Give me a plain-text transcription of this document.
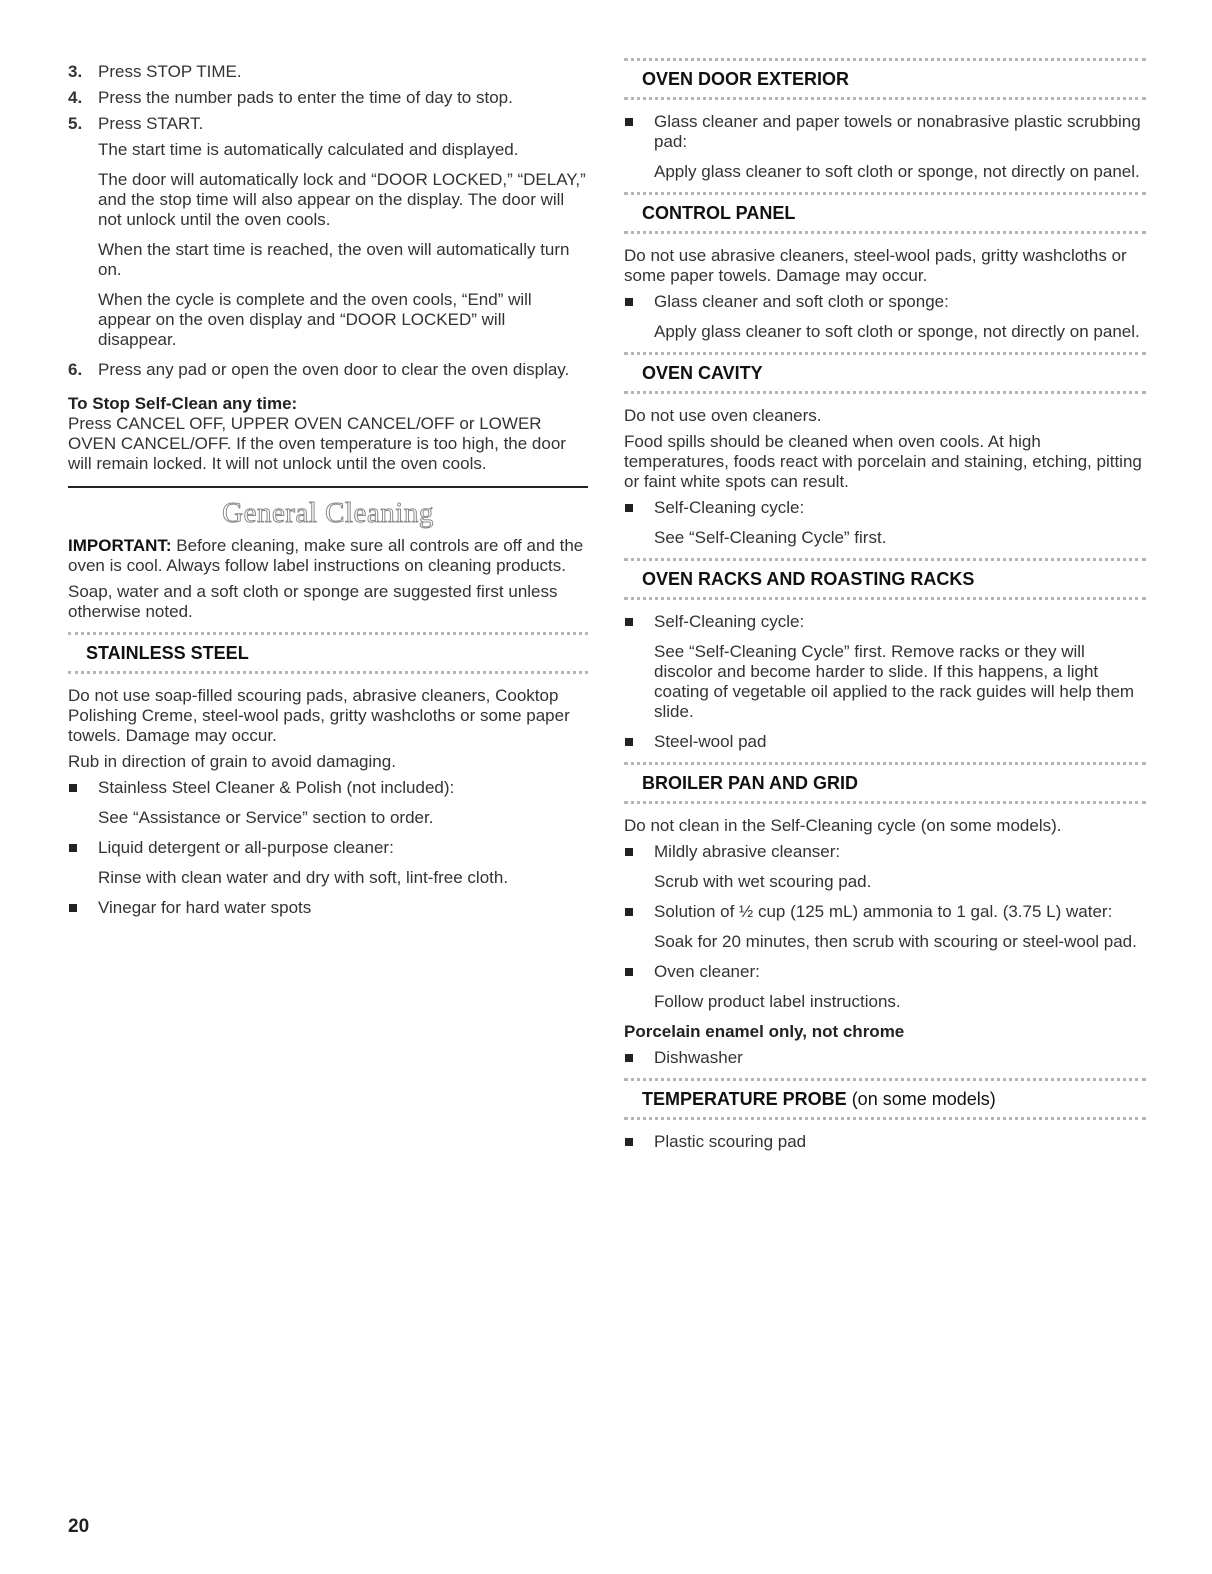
3. Press STOP TIME.
4. Press the number pads to enter the time of day to stop.
5. Press START.

The start time is automatically calculated and displayed.

The door will automatically lock and “DOOR LOCKED,” “DELAY,” and the stop time will also appear on the display. The door will not unlock until the oven cools.

When the start time is reached, the oven will automatically turn on.

When the cycle is complete and the oven cools, “End” will appear on the oven display and “DOOR LOCKED” will disappear.

6. Press any pad or open the oven door to clear the oven display.

To Stop Self-Clean any time:

Press CANCEL OFF, UPPER OVEN CANCEL/OFF or LOWER OVEN CANCEL/OFF. If the oven temperature is too high, the door will remain locked. It will not unlock until the oven cools.

General Cleaning

IMPORTANT: Before cleaning, make sure all controls are off and the oven is cool. Always follow label instructions on cleaning products.

Soap, water and a soft cloth or sponge are suggested first unless otherwise noted.

STAINLESS STEEL

Do not use soap-filled scouring pads, abrasive cleaners, Cooktop Polishing Creme, steel-wool pads, gritty washcloths or some paper towels. Damage may occur.

Rub in direction of grain to avoid damaging.

Stainless Steel Cleaner & Polish (not included):

See “Assistance or Service” section to order.

Liquid detergent or all-purpose cleaner:

Rinse with clean water and dry with soft, lint-free cloth.

Vinegar for hard water spots

OVEN DOOR EXTERIOR

Glass cleaner and paper towels or nonabrasive plastic scrubbing pad:

Apply glass cleaner to soft cloth or sponge, not directly on panel.

CONTROL PANEL

Do not use abrasive cleaners, steel-wool pads, gritty washcloths or some paper towels. Damage may occur.

Glass cleaner and soft cloth or sponge:

Apply glass cleaner to soft cloth or sponge, not directly on panel.

OVEN CAVITY

Do not use oven cleaners.

Food spills should be cleaned when oven cools. At high temperatures, foods react with porcelain and staining, etching, pitting or faint white spots can result.

Self-Cleaning cycle:

See “Self-Cleaning Cycle” first.

OVEN RACKS AND ROASTING RACKS

Self-Cleaning cycle:

See “Self-Cleaning Cycle” first. Remove racks or they will discolor and become harder to slide. If this happens, a light coating of vegetable oil applied to the rack guides will help them slide.

Steel-wool pad

BROILER PAN AND GRID

Do not clean in the Self-Cleaning cycle (on some models).

Mildly abrasive cleanser:

Scrub with wet scouring pad.

Solution of ½ cup (125 mL) ammonia to 1 gal. (3.75 L) water:

Soak for 20 minutes, then scrub with scouring or steel-wool pad.

Oven cleaner:

Follow product label instructions.

Porcelain enamel only, not chrome

Dishwasher

TEMPERATURE PROBE (on some models)

Plastic scouring pad

20
